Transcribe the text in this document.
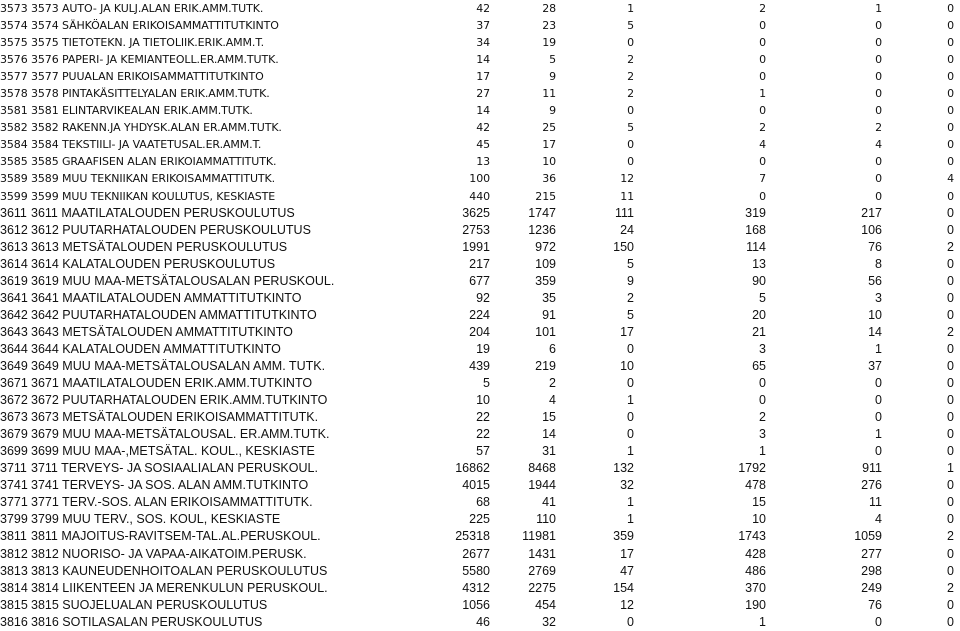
3573 3573 AUTO- JA KULJ.ALAN ERIK.AMM.TUTK.	42	28	1	2	1	0
3574 3574 SÄHKÖALAN ERIKOISAMMATTITUTKINTO	37	23	5	0	0	0
3575 3575 TIETOTEKN. JA TIETOLIIK.ERIK.AMM.T.	34	19	0	0	0	0
3576 3576 PAPERI- JA KEMIANTEOLL.ER.AMM.TUTK.	14	5	2	0	0	0
3577 3577 PUUALAN ERIKOISAMMATTITUTKINTO	17	9	2	0	0	0
3578 3578 PINTAKÄSITTELYALAN ERIK.AMM.TUTK.	27	11	2	1	0	0
3581 3581 ELINTARVIKEALAN ERIK.AMM.TUTK.	14	9	0	0	0	0
3582 3582 RAKENN.JA YHDYSK.ALAN ER.AMM.TUTK.	42	25	5	2	2	0
3584 3584 TEKSTIILI- JA VAATETUSAL.ER.AMM.T.	45	17	0	4	4	0
3585 3585 GRAAFISEN ALAN ERIKOIAMMATTITUTK.	13	10	0	0	0	0
3589 3589 MUU TEKNIIKAN ERIKOISAMMATTITUTK.	100	36	12	7	0	4
3599 3599 MUU TEKNIIKAN KOULUTUS, KESKIASTE	440	215	11	0	0	0
3611 3611 MAATILATALOUDEN PERUSKOULUTUS	3625	1747	111	319	217	0
3612 3612 PUUTARHATALOUDEN PERUSKOULUTUS	2753	1236	24	168	106	0
3613 3613 METSÄTALOUDEN PERUSKOULUTUS	1991	972	150	114	76	2
3614 3614 KALATALOUDEN PERUSKOULUTUS	217	109	5	13	8	0
3619 3619 MUU MAA-METSÄTALOUSALAN PERUSKOUL.	677	359	9	90	56	0
3641 3641 MAATILATALOUDEN AMMATTITUTKINTO	92	35	2	5	3	0
3642 3642 PUUTARHATALOUDEN AMMATTITUTKINTO	224	91	5	20	10	0
3643 3643 METSÄTALOUDEN AMMATTITUTKINTO	204	101	17	21	14	2
3644 3644 KALATALOUDEN AMMATTITUTKINTO	19	6	0	3	1	0
3649 3649 MUU MAA-METSÄTALOUSALAN AMM. TUTK.	439	219	10	65	37	0
3671 3671 MAATILATALOUDEN ERIK.AMM.TUTKINTO	5	2	0	0	0	0
3672 3672 PUUTARHATALOUDEN ERIK.AMM.TUTKINTO	10	4	1	0	0	0
3673 3673 METSÄTALOUDEN ERIKOISAMMATTITUTK.	22	15	0	2	0	0
3679 3679 MUU MAA-METSÄTALOUSAL. ER.AMM.TUTK.	22	14	0	3	1	0
3699 3699 MUU MAA-,METSÄTAL. KOUL., KESKIASTE	57	31	1	1	0	0
3711 3711 TERVEYS- JA SOSIAALIALAN PERUSKOUL.	16862	8468	132	1792	911	1
3741 3741 TERVEYS- JA SOS. ALAN AMM.TUTKINTO	4015	1944	32	478	276	0
3771 3771 TERV.-SOS. ALAN ERIKOISAMMATTITUTK.	68	41	1	15	11	0
3799 3799 MUU TERV., SOS. KOUL, KESKIASTE	225	110	1	10	4	0
3811 3811 MAJOITUS-RAVITSEM-TAL.AL.PERUSKOUL.	25318	11981	359	1743	1059	2
3812 3812 NUORISO- JA VAPAA-AIKATOIM.PERUSK.	2677	1431	17	428	277	0
3813 3813 KAUNEUDENHOITOALAN PERUSKOULUTUS	5580	2769	47	486	298	0
3814 3814 LIIKENTEEN JA MERENKULUN PERUSKOUL.	4312	2275	154	370	249	2
3815 3815 SUOJELUALAN PERUSKOULUTUS	1056	454	12	190	76	0
3816 3816 SOTILASALAN PERUSKOULUTUS	46	32	0	1	0	0
